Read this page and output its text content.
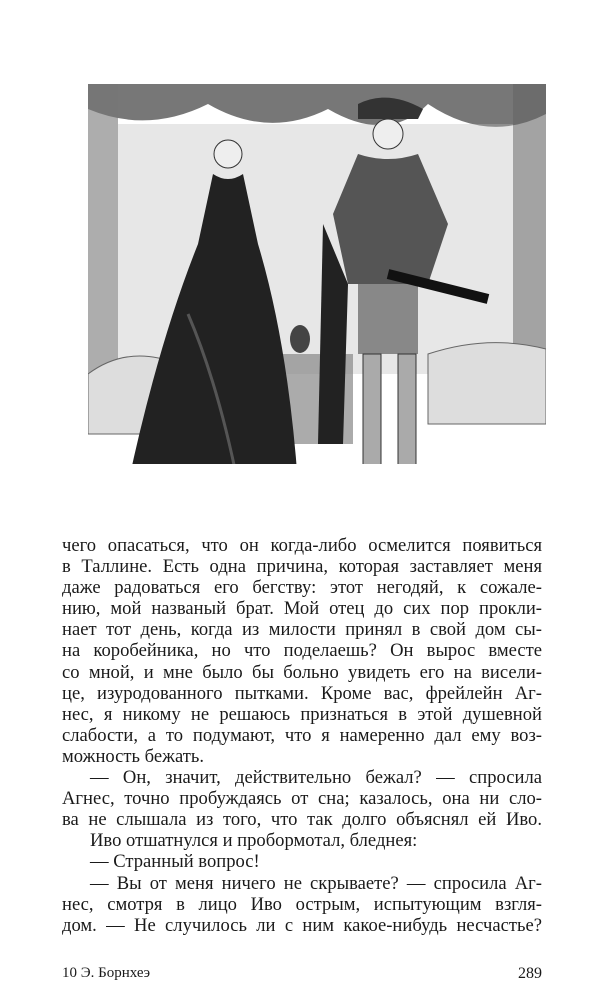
чего опасаться, что он когда-либо осмелится появиться
в Таллине. Есть одна причина, которая заставляет меня
даже радоваться его бегству: этот негодяй, к сожале-
нию, мой названый брат. Мой отец до сих пор прокли-
нает тот день, когда из милости принял в свой дом сы-
на коробейника, но что поделаешь? Он вырос вместе
со мной, и мне было бы больно увидеть его на висели-
це, изуродованного пытками. Кроме вас, фрейлейн Аг-
нес, я никому не решаюсь признаться в этой душевной
слабости, а то подумают, что я намеренно дал ему воз-
можность бежать.
— Он, значит, действительно бежал? — спросила
Агнес, точно пробуждаясь от сна; казалось, она ни сло-
ва не слышала из того, что так долго объяснял ей Иво.
Иво отшатнулся и пробормотал, бледнея:
— Странный вопрос!
— Вы от меня ничего не скрываете? — спросила Аг-
нес, смотря в лицо Иво острым, испытующим взгля-
дом. — Не случилось ли с ним какое-нибудь несчастье?
10 Э. Борнхеэ	289
